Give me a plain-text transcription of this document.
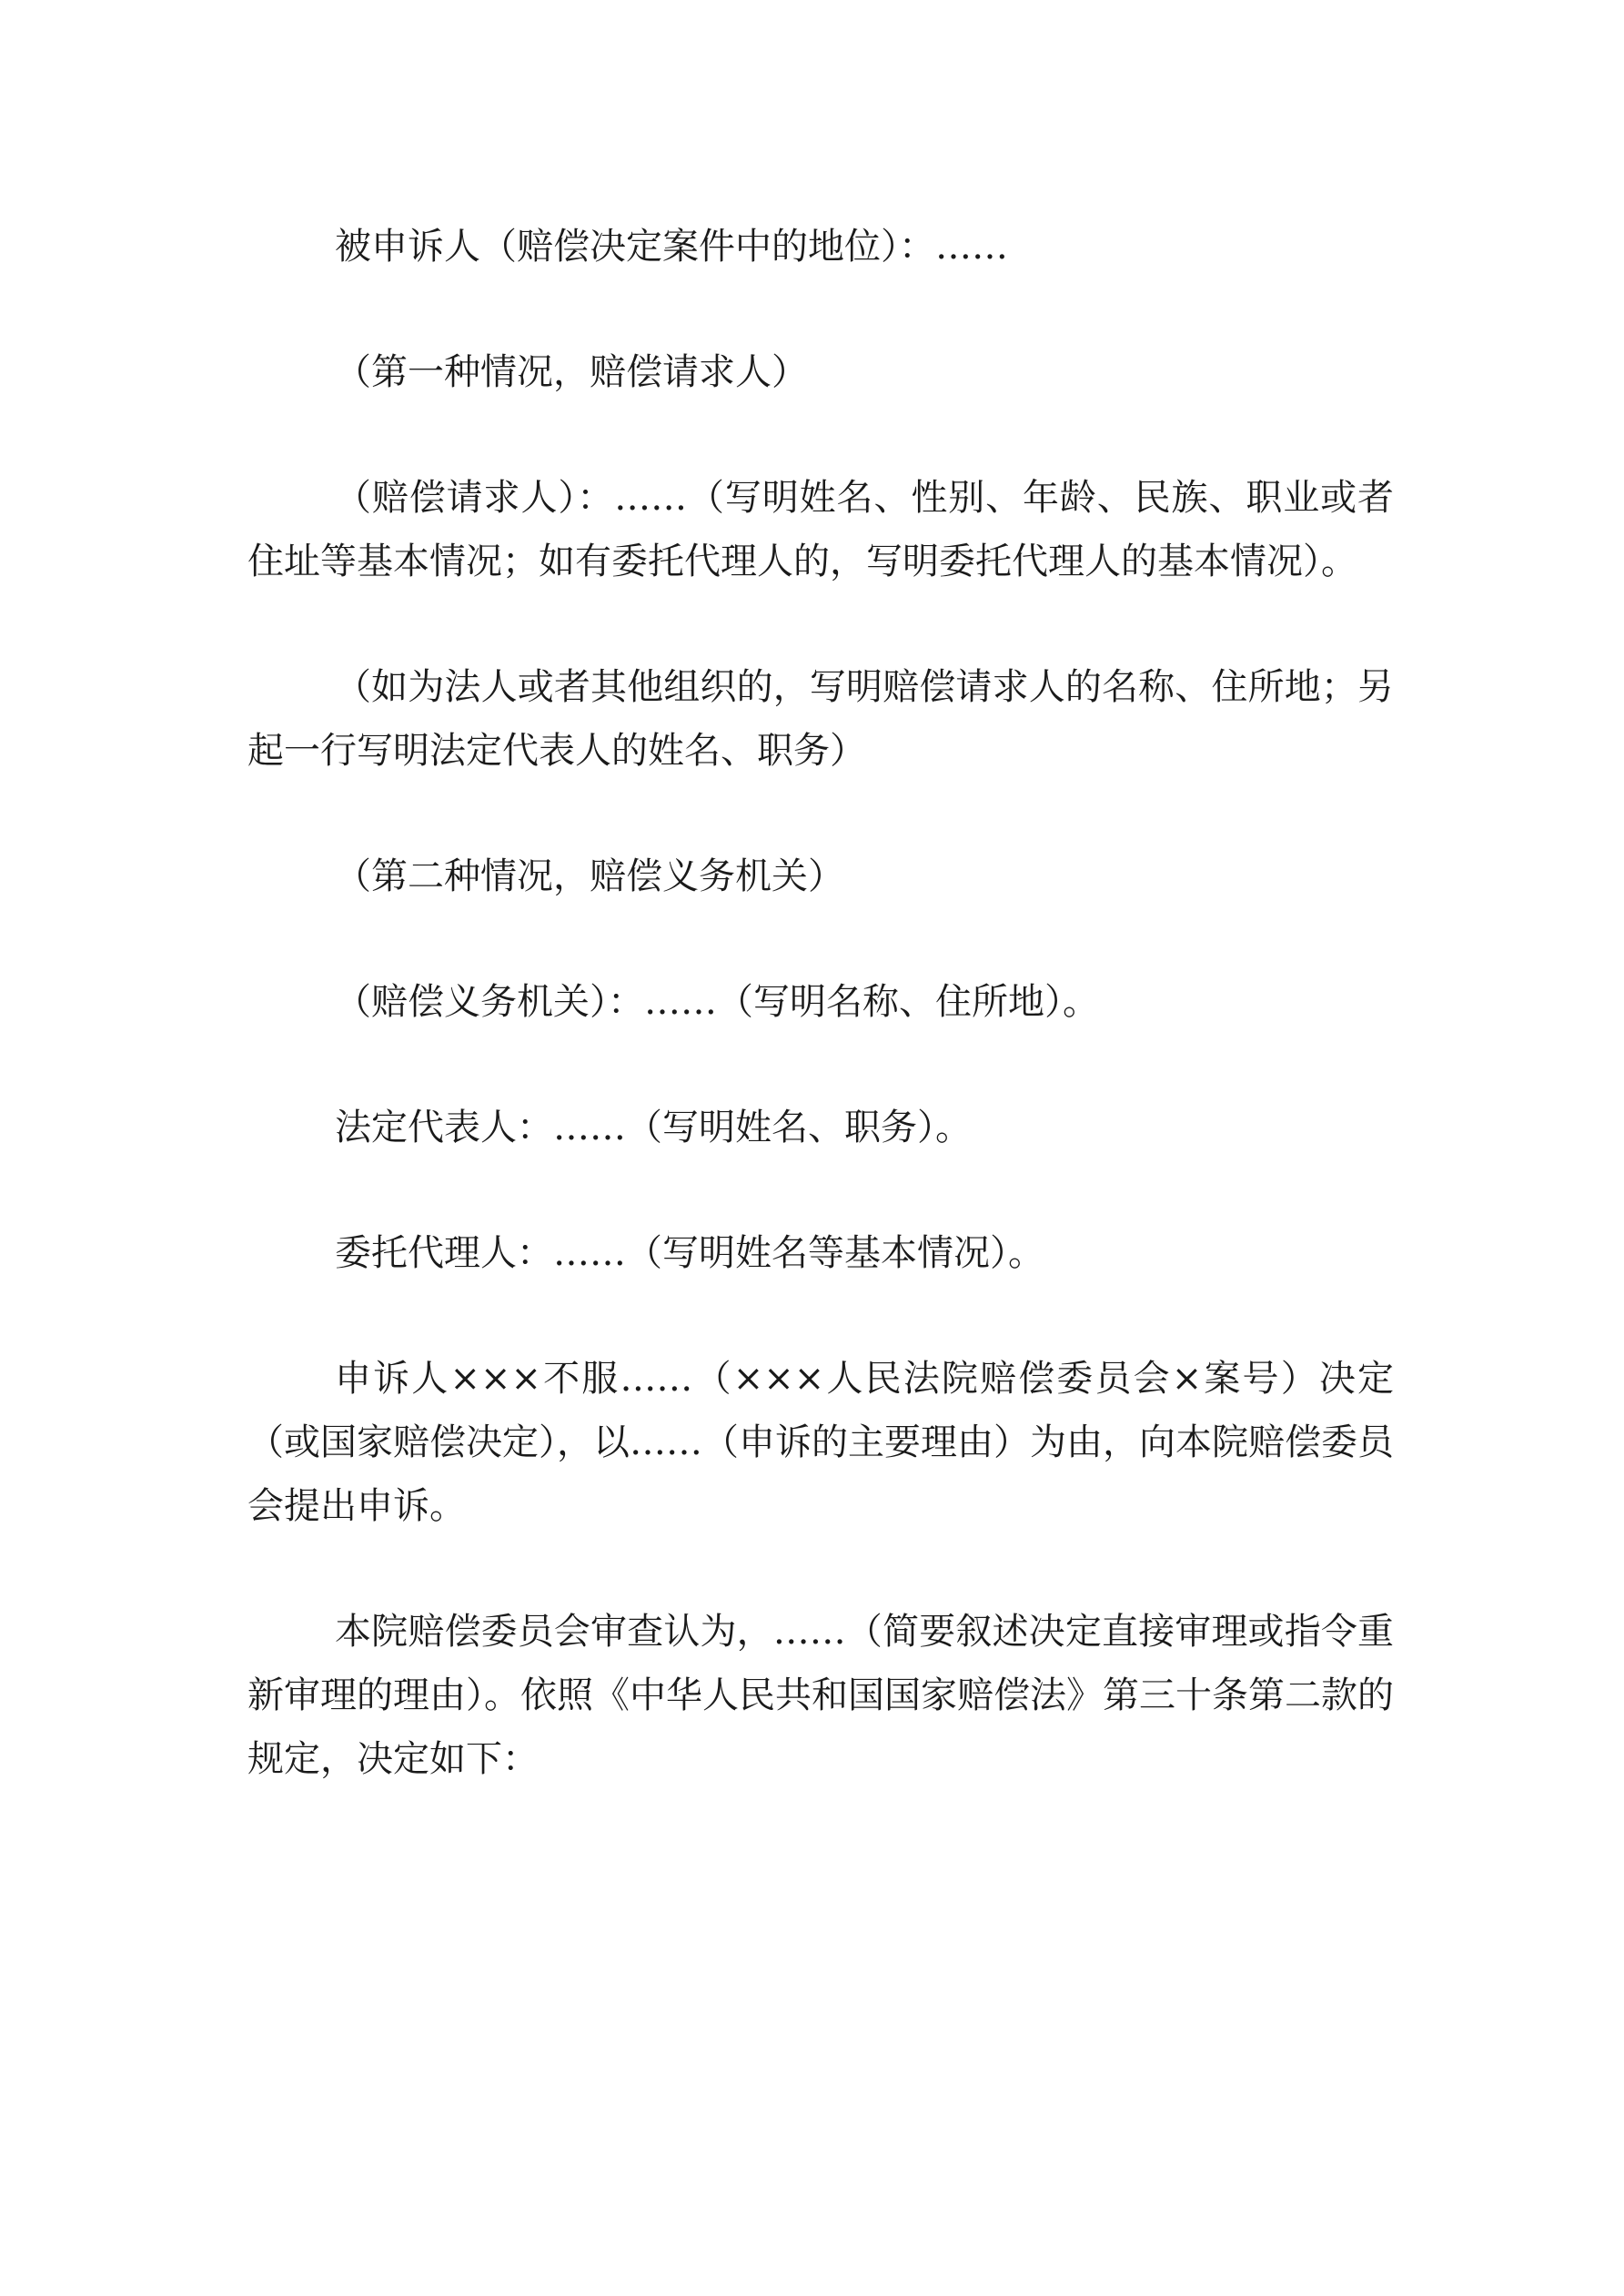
被申诉人（赔偿决定案件中的地位）：……

（第一种情况，赔偿请求人）

（赔偿请求人）：……（写明姓名、性别、年龄、民族、职业或者住址等基本情况；如有委托代理人的，写明委托代理人的基本情况）。

（如为法人或者其他组织的，写明赔偿请求人的名称、住所地；另起一行写明法定代表人的姓名、职务）

（第二种情况，赔偿义务机关）

（赔偿义务机关）：……（写明名称、住所地）。

法定代表人：……（写明姓名、职务）。

委托代理人：……（写明姓名等基本情况）。

申诉人×××不服……（×××人民法院赔偿委员会×案号）决定（或国家赔偿决定），以……（申诉的主要理由）为由，向本院赔偿委员会提出申诉。

本院赔偿委员会审查认为，……（简要叙述决定直接审理或指令重新审理的理由）。依照《中华人民共和国国家赔偿法》第三十条第二款的规定，决定如下：
